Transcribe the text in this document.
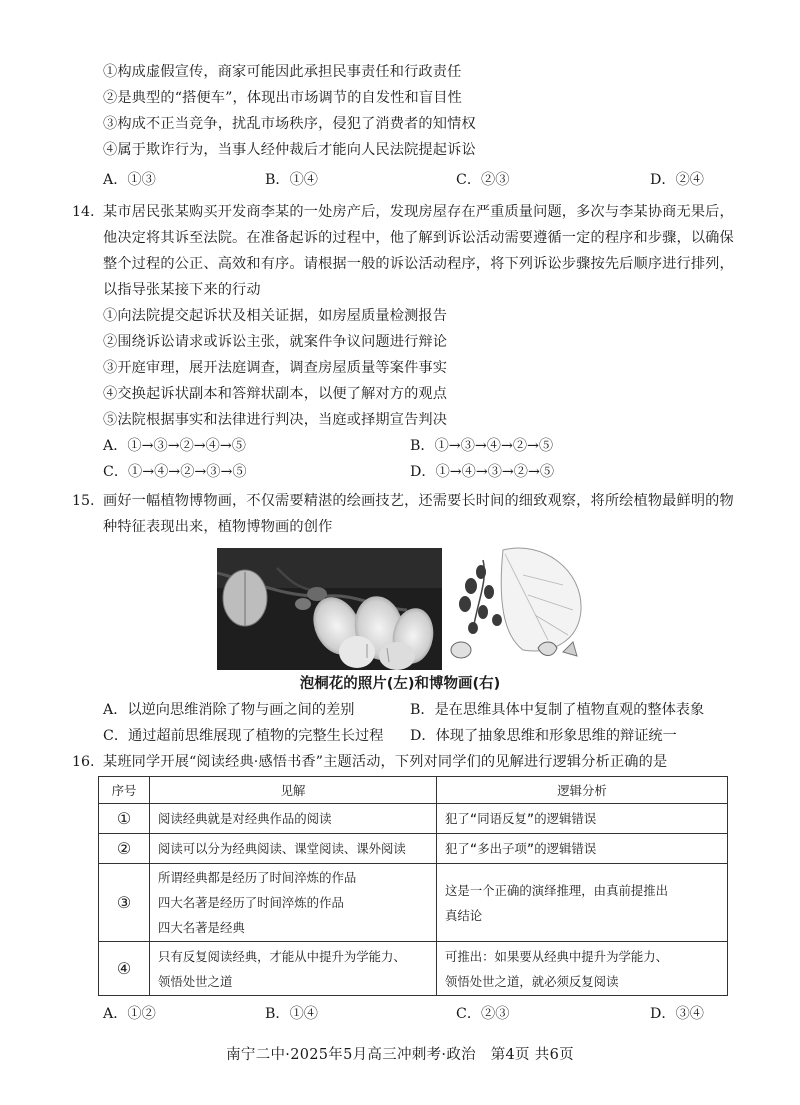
①构成虚假宣传，商家可能因此承担民事责任和行政责任
②是典型的“搭便车”，体现出市场调节的自发性和盲目性
③构成不正当竞争，扰乱市场秩序，侵犯了消费者的知情权
④属于欺诈行为，当事人经仲裁后才能向人民法院提起诉讼
A．①③	B．①④	C．②③	D．②④
14. 某市居民张某购买开发商李某的一处房产后，发现房屋存在严重质量问题，多次与李某协商无果后，
他决定将其诉至法院。在准备起诉的过程中，他了解到诉讼活动需要遵循一定的程序和步骤，以确保
整个过程的公正、高效和有序。请根据一般的诉讼活动程序，将下列诉讼步骤按先后顺序进行排列，
以指导张某接下来的行动
①向法院提交起诉状及相关证据，如房屋质量检测报告
②围绕诉讼请求或诉讼主张，就案件争议问题进行辩论
③开庭审理，展开法庭调查，调查房屋质量等案件事实
④交换起诉状副本和答辩状副本，以便了解对方的观点
⑤法院根据事实和法律进行判决，当庭或择期宣告判决
A．①→③→②→④→⑤	B．①→③→④→②→⑤
C．①→④→②→③→⑤	D．①→④→③→②→⑤
15. 画好一幅植物博物画，不仅需要精湛的绘画技艺，还需要长时间的细致观察，将所绘植物最鲜明的物
种特征表现出来，植物博物画的创作
泡桐花的照片(左)和博物画(右)
A．以逆向思维消除了物与画之间的差别	B．是在思维具体中复制了植物直观的整体表象
C．通过超前思维展现了植物的完整生长过程 D．体现了抽象思维和形象思维的辩证统一
16. 某班同学开展“阅读经典·感悟书香”主题活动，下列对同学们的见解进行逻辑分析正确的是
序号	见解	逻辑分析
①	阅读经典就是对经典作品的阅读	犯了“同语反复”的逻辑错误

②	阅读可以分为经典阅读、课堂阅读、课外阅读	犯了“多出子项”的逻辑错误

③	所谓经典都是经历了时间淬炼的作品
四大名著是经历了时间淬炼的作品
四大名著是经典	这是一个正确的演绎推理，由真前提推出
真结论

④	只有反复阅读经典，才能从中提升为学能力、
领悟处世之道	可推出：如果要从经典中提升为学能力、
领悟处世之道，就必须反复阅读
A．①②	B．①④	C．②③	D．③④
南宁二中·2025年5月高三冲刺考·政治　第4页 共6页
